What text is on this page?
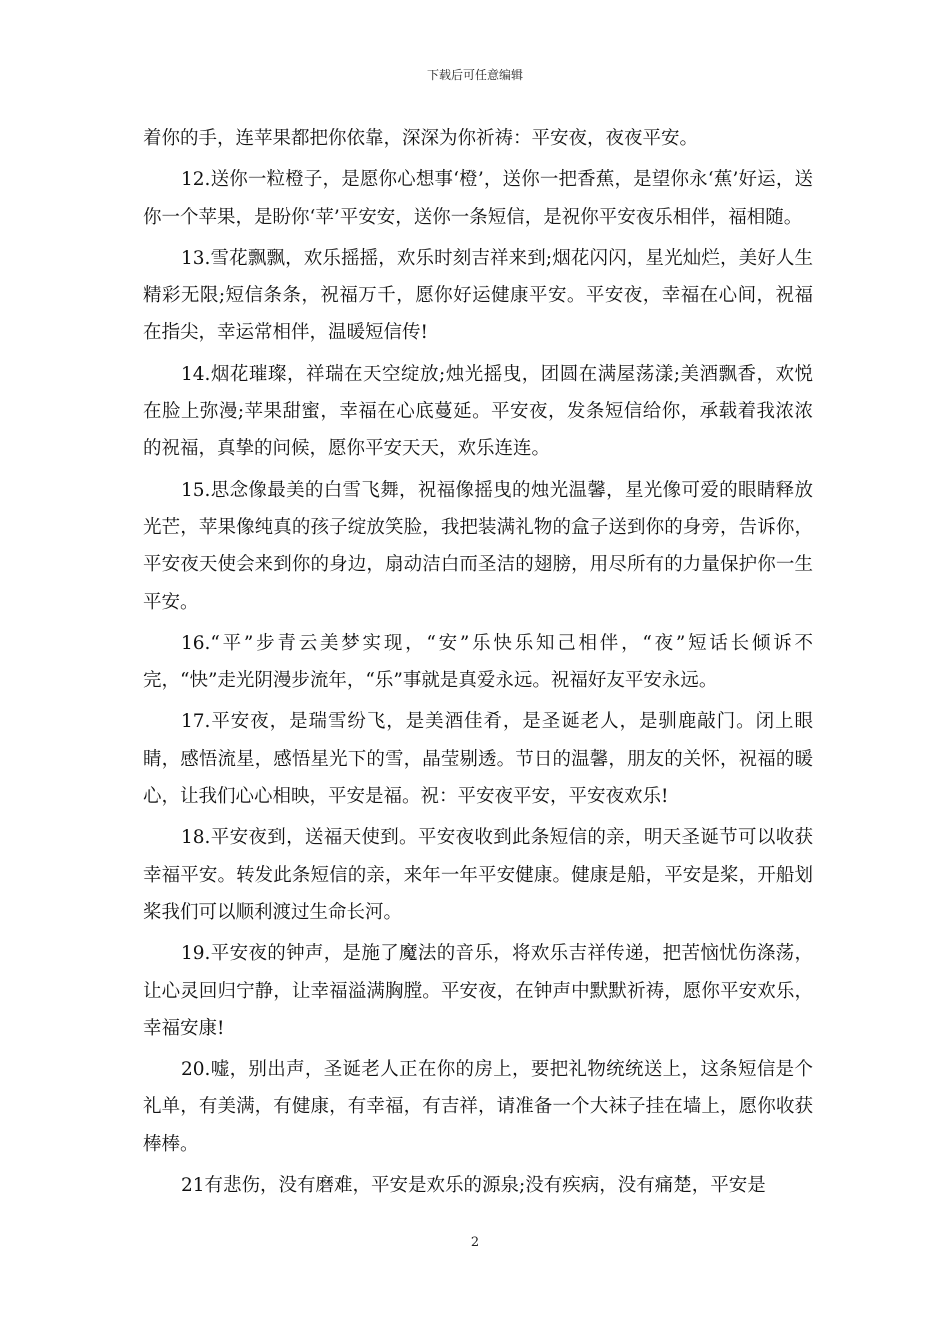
下载后可任意编辑

着你的手，连苹果都把你依靠，深深为你祈祷：平安夜，夜夜平安。

12.送你一粒橙子，是愿你心想事‘橙’，送你一把香蕉，是望你永‘蕉’好运，送你一个苹果，是盼你‘苹’平安安，送你一条短信，是祝你平安夜乐相伴，福相随。

13.雪花飘飘，欢乐摇摇，欢乐时刻吉祥来到;烟花闪闪，星光灿烂，美好人生精彩无限;短信条条，祝福万千，愿你好运健康平安。平安夜，幸福在心间，祝福在指尖，幸运常相伴，温暖短信传!

14.烟花璀璨，祥瑞在天空绽放;烛光摇曳，团圆在满屋荡漾;美酒飘香，欢悦在脸上弥漫;苹果甜蜜，幸福在心底蔓延。平安夜，发条短信给你，承载着我浓浓的祝福，真挚的问候，愿你平安天天，欢乐连连。

15.思念像最美的白雪飞舞，祝福像摇曳的烛光温馨，星光像可爱的眼睛释放光芒，苹果像纯真的孩子绽放笑脸，我把装满礼物的盒子送到你的身旁，告诉你，平安夜天使会来到你的身边，扇动洁白而圣洁的翅膀，用尽所有的力量保护你一生平安。

16.“平”步青云美梦实现，“安”乐快乐知己相伴，“夜”短话长倾诉不完，“快”走光阴漫步流年，“乐”事就是真爱永远。祝福好友平安永远。

17.平安夜，是瑞雪纷飞，是美酒佳肴，是圣诞老人，是驯鹿敲门。闭上眼睛，感悟流星，感悟星光下的雪，晶莹剔透。节日的温馨，朋友的关怀，祝福的暖心，让我们心心相映，平安是福。祝：平安夜平安，平安夜欢乐!

18.平安夜到，送福天使到。平安夜收到此条短信的亲，明天圣诞节可以收获幸福平安。转发此条短信的亲，来年一年平安健康。健康是船，平安是桨，开船划桨我们可以顺利渡过生命长河。

19.平安夜的钟声，是施了魔法的音乐，将欢乐吉祥传递，把苦恼忧伤涤荡，让心灵回归宁静，让幸福溢满胸膛。平安夜，在钟声中默默祈祷，愿你平安欢乐，幸福安康!

20.嘘，别出声，圣诞老人正在你的房上，要把礼物统统送上，这条短信是个礼单，有美满，有健康，有幸福，有吉祥，请准备一个大袜子挂在墙上，愿你收获棒棒。

21有悲伤，没有磨难，平安是欢乐的源泉;没有疾病，没有痛楚，平安是

2
